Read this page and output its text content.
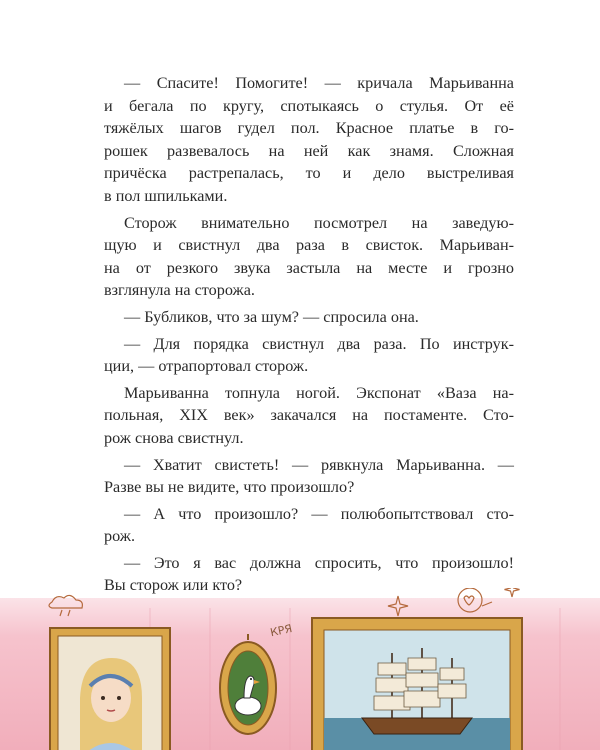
— Спасите! Помогите! — кричала Марьиванна
и бегала по кругу, спотыкаясь о стулья. От её
тяжёлых шагов гудел пол. Красное платье в го-
рошек развевалось на ней как знамя. Сложная
причёска растрепалась, то и дело выстреливая
в пол шпильками.

Сторож внимательно посмотрел на заведую-
щую и свистнул два раза в свисток. Марьиван-
на от резкого звука застыла на месте и грозно
взглянула на сторожа.

— Бубликов, что за шум? — спросила она.

— Для порядка свистнул два раза. По инструк-
ции, — отрапортовал сторож.

Марьиванна топнула ногой. Экспонат «Ваза на-
польная, XIX век» закачался на постаменте. Сто-
рож снова свистнул.

— Хватит свистеть! — рявкнула Марьиванна. —
Разве вы не видите, что произошло?

— А что произошло? — полюбопытствовал сто-
рож.

— Это я вас должна спросить, что произошло!
Вы сторож или кто?

КРЯ
